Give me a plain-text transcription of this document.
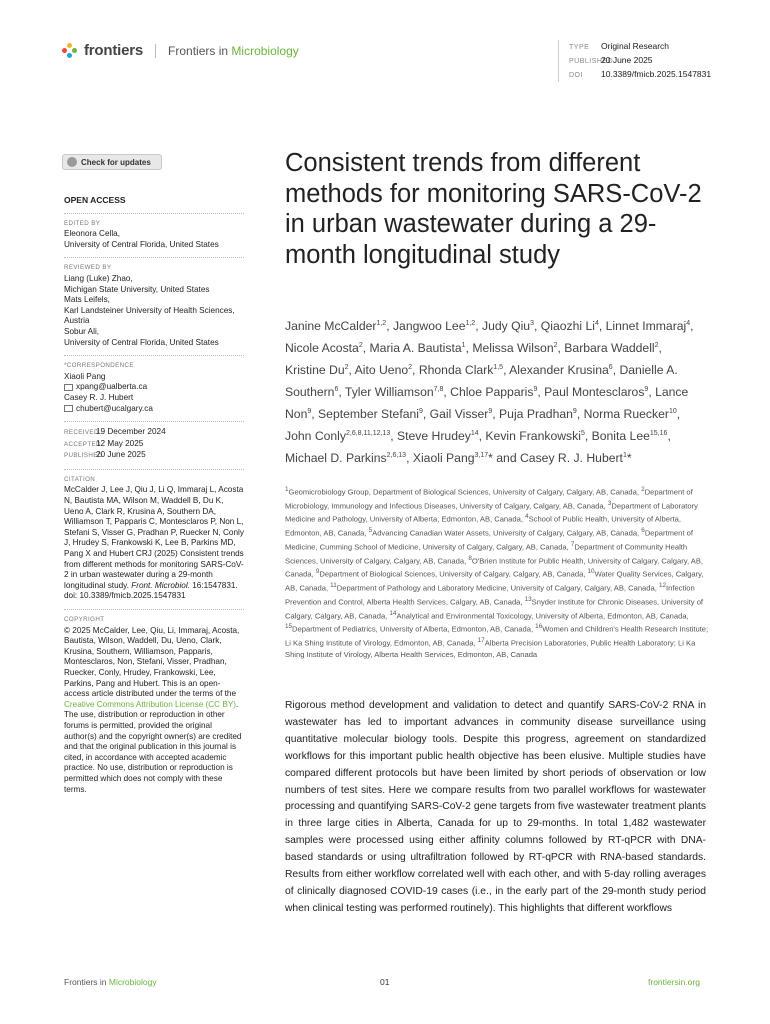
frontiers Frontiers in Microbiology	TYPE Original Research
PUBLISHED20 June 2025
DOI 10.3389/fmicb.2025.1547831
Check for updates

OPEN ACCESS

EDITED BY

Eleonora Cella,

University of Central Florida, United States

REVIEWED BY

Liang (Luke) Zhao,

Michigan State University, United States

Mats Leifels,

Karl Landsteiner University of Health Sciences, Austria

Sobur Ali,

University of Central Florida, United States

*CORRESPONDENCE

Xiaoli Pang

xpang@ualberta.ca

Casey R. J. Hubert

chubert@ucalgary.ca

RECEIVED19 December 2024

ACCEPTED12 May 2025

PUBLISHED20 June 2025

CITATION

McCalder J, Lee J, Qiu J, Li Q, Immaraj L, Acosta N, Bautista MA, Wilson M, Waddell B, Du K, Ueno A, Clark R, Krusina A, Southern DA, Williamson T, Papparis C, Montesclaros P, Non L, Stefani S, Visser G, Pradhan P, Ruecker N, Conly J, Hrudey S, Frankowski K, Lee B, Parkins MD, Pang X and Hubert CRJ (2025) Consistent trends from different methods for monitoring SARS-CoV-2 in urban wastewater during a 29-month longitudinal study. Front. Microbiol. 16:1547831.

doi: 10.3389/fmicb.2025.1547831

COPYRIGHT

© 2025 McCalder, Lee, Qiu, Li, Immaraj, Acosta, Bautista, Wilson, Waddell, Du, Ueno, Clark, Krusina, Southern, Williamson, Papparis, Montesclaros, Non, Stefani, Visser, Pradhan, Ruecker, Conly, Hrudey, Frankowski, Lee, Parkins, Pang and Hubert. This is an open-access article distributed under the terms of the Creative Commons Attribution License (CC BY). The use, distribution or reproduction in other forums is permitted, provided the original author(s) and the copyright owner(s) are credited and that the original publication in this journal is cited, in accordance with accepted academic practice. No use, distribution or reproduction is permitted which does not comply with these terms.

Consistent trends from different methods for monitoring SARS-CoV-2 in urban wastewater during a 29-month longitudinal study
Janine McCalder$^{1,2}$, Jangwoo Lee$^{1,2}$, Judy Qiu$^3$, Qiaozhi Li$^4$, Linnet Immaraj$^4$, Nicole Acosta$^2$, Maria A. Bautista$^1$, Melissa Wilson$^2$, Barbara Waddell$^2$, Kristine Du$^2$, Aito Ueno$^2$, Rhonda Clark$^{1,5}$, Alexander Krusina$^6$, Danielle A. Southern$^6$, Tyler Williamson$^{7,8}$, Chloe Papparis$^9$, Paul Montesclaros$^9$, Lance Non$^9$, September Stefani$^9$, Gail Visser$^9$, Puja Pradhan$^9$, Norma Ruecker$^{10}$, John Conly$^{2,6,8,11,12,13}$, Steve Hrudey$^{14}$, Kevin Frankowski$^5$, Bonita Lee$^{15,16}$, Michael D. Parkins$^{2,6,13}$, Xiaoli Pang$^{3,17}$* and Casey R. J. Hubert$^1$*
$^1$Geomicrobiology Group, Department of Biological Sciences, University of Calgary, Calgary, AB, Canada, $^2$Department of Microbiology, Immunology and Infectious Diseases, University of Calgary, Calgary, AB, Canada, $^3$Department of Laboratory Medicine and Pathology, University of Alberta, Edmonton, AB, Canada, $^4$School of Public Health, University of Alberta, Edmonton, AB, Canada, $^5$Advancing Canadian Water Assets, University of Calgary, Calgary, AB, Canada, $^6$Department of Medicine, Cumming School of Medicine, University of Calgary, Calgary, AB, Canada, $^7$Department of Community Health Sciences, University of Calgary, Calgary, AB, Canada, $^8$O'Brien Institute for Public Health, University of Calgary, Calgary, AB, Canada, $^9$Department of Biological Sciences, University of Calgary, Calgary, AB, Canada, $^{10}$Water Quality Services, Calgary, AB, Canada, $^{11}$Department of Pathology and Laboratory Medicine, University of Calgary, Calgary, AB, Canada, $^{12}$Infection Prevention and Control, Alberta Health Services, Calgary, AB, Canada, $^{13}$Snyder Institute for Chronic Diseases, University of Calgary, Calgary, AB, Canada, $^{14}$Analytical and Environmental Toxicology, University of Alberta, Edmonton, AB, Canada, $^{15}$Department of Pediatrics, University of Alberta, Edmonton, AB, Canada, $^{16}$Women and Children's Health Research Institute; Li Ka Shing Institute of Virology, Edmonton, AB, Canada, $^{17}$Alberta Precision Laboratories, Public Health Laboratory; Li Ka Shing Institute of Virology, Alberta Health Services, Edmonton, AB, Canada
Rigorous method development and validation to detect and quantify SARS-CoV-2 RNA in wastewater has led to important advances in community disease surveillance using quantitative molecular biology tools. Despite this progress, agreement on standardized workflows for this important public health objective has been elusive. Multiple studies have compared different protocols but have been limited by short periods of observation or low numbers of test sites. Here we compare results from two parallel workflows for wastewater processing and quantifying SARS-CoV-2 gene targets from five wastewater treatment plants in three large cities in Alberta, Canada for up to 29-months. In total 1,482 wastewater samples were processed using either affinity columns followed by RT-qPCR with DNA-based standards or using ultrafiltration followed by RT-qPCR with RNA-based standards. Results from either workflow correlated well with each other, and with 5-day rolling averages of clinically diagnosed COVID-19 cases (i.e., in the early part of the 29-month study period when clinical testing was performed routinely). This highlights that different workflows
Frontiers in Microbiology	01	frontiersin.org
